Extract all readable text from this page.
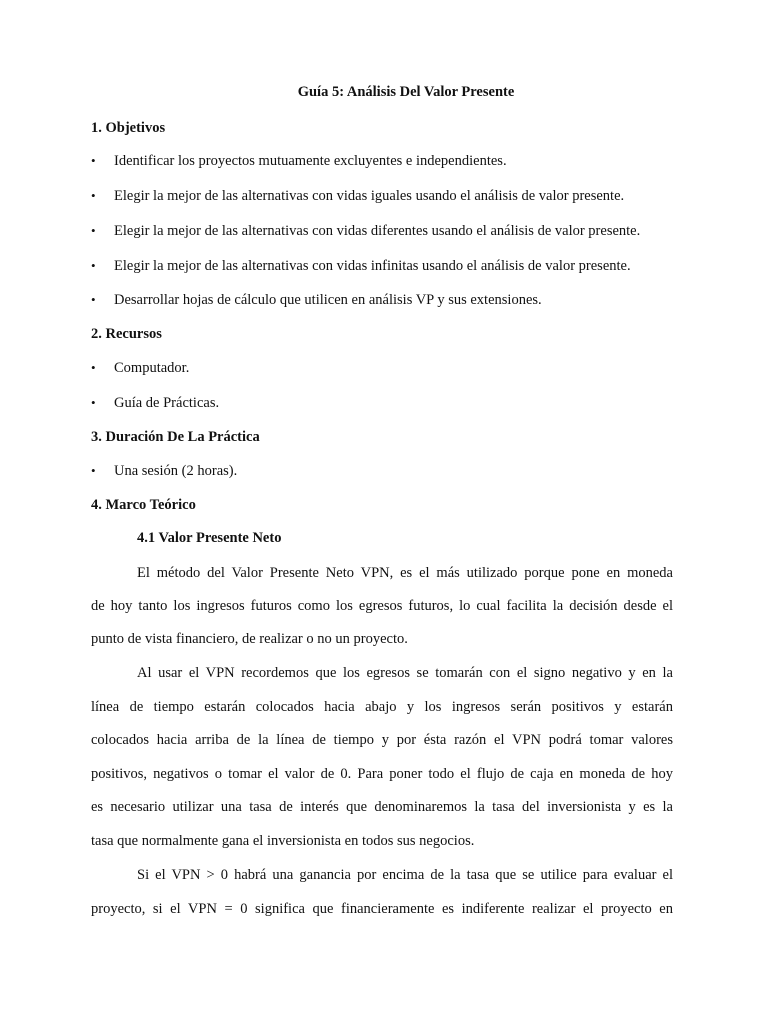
Guía 5: Análisis Del Valor Presente
1. Objetivos
•	Identificar los proyectos mutuamente excluyentes e independientes.
•	Elegir la mejor de las alternativas con vidas iguales usando el análisis de valor presente.
•	Elegir la mejor de las alternativas con vidas diferentes usando el análisis de valor presente.
•	Elegir la mejor de las alternativas con vidas infinitas usando el análisis de valor presente.
•	Desarrollar hojas de cálculo que utilicen en análisis VP y sus extensiones.
2. Recursos
•	Computador.
•	Guía de Prácticas.
3. Duración De La Práctica
•	Una sesión (2 horas).
4. Marco Teórico
4.1 Valor Presente Neto
El método del Valor Presente Neto VPN, es el más utilizado porque pone en moneda
de hoy tanto los ingresos futuros como los egresos futuros, lo cual facilita la decisión desde el
punto de vista financiero, de realizar o no un proyecto.
Al usar el VPN recordemos que los egresos se tomarán con el signo negativo y en la
línea de tiempo estarán colocados hacia abajo y los ingresos serán positivos y estarán
colocados hacia arriba de la línea de tiempo y por ésta razón el VPN podrá tomar valores
positivos, negativos o tomar el valor de 0. Para poner todo el flujo de caja en moneda de hoy
es necesario utilizar una tasa de interés que denominaremos la tasa del inversionista y es la
tasa que normalmente gana el inversionista en todos sus negocios.
Si el VPN > 0 habrá una ganancia por encima de la tasa que se utilice para evaluar el
proyecto, si el VPN = 0 significa que financieramente es indiferente realizar el proyecto en
